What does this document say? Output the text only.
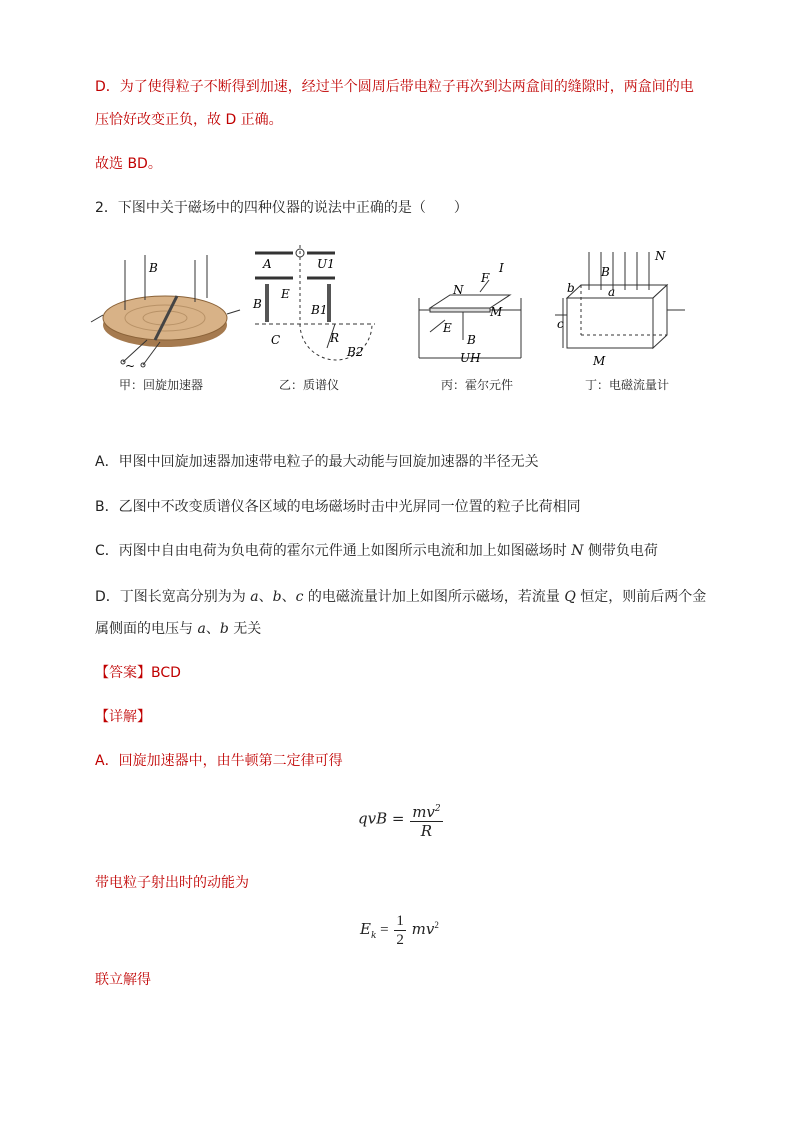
D．为了使得粒子不断得到加速，经过半个圆周后带电粒子再次到达两盒间的缝隙时，两盒间的电
压恰好改变正负，故 D 正确。
故选 BD。
2．下图中关于磁场中的四种仪器的说法中正确的是（　　）
B
~
A	U1
B
E
B1
C	R
B2
N
F
I
M
E
B
UH
B
N
b	a
c
M
甲：回旋加速器	乙：质谱仪	丙：霍尔元件	丁：电磁流量计
A．甲图中回旋加速器加速带电粒子的最大动能与回旋加速器的半径无关
B．乙图中不改变质谱仪各区域的电场磁场时击中光屏同一位置的粒子比荷相同
C．丙图中自由电荷为负电荷的霍尔元件通上如图所示电流和加上如图磁场时 N 侧带负电荷
D．丁图长宽高分别为为 a、b、c 的电磁流量计加上如图所示磁场，若流量 Q 恒定，则前后两个金
属侧面的电压与 a、b 无关
【答案】BCD
【详解】
A．回旋加速器中，由牛顿第二定律可得
qvB = $\frac{mv^2}{R}$
带电粒子射出时的动能为
$E_k = \frac{1}{2} mv^2$
联立解得
